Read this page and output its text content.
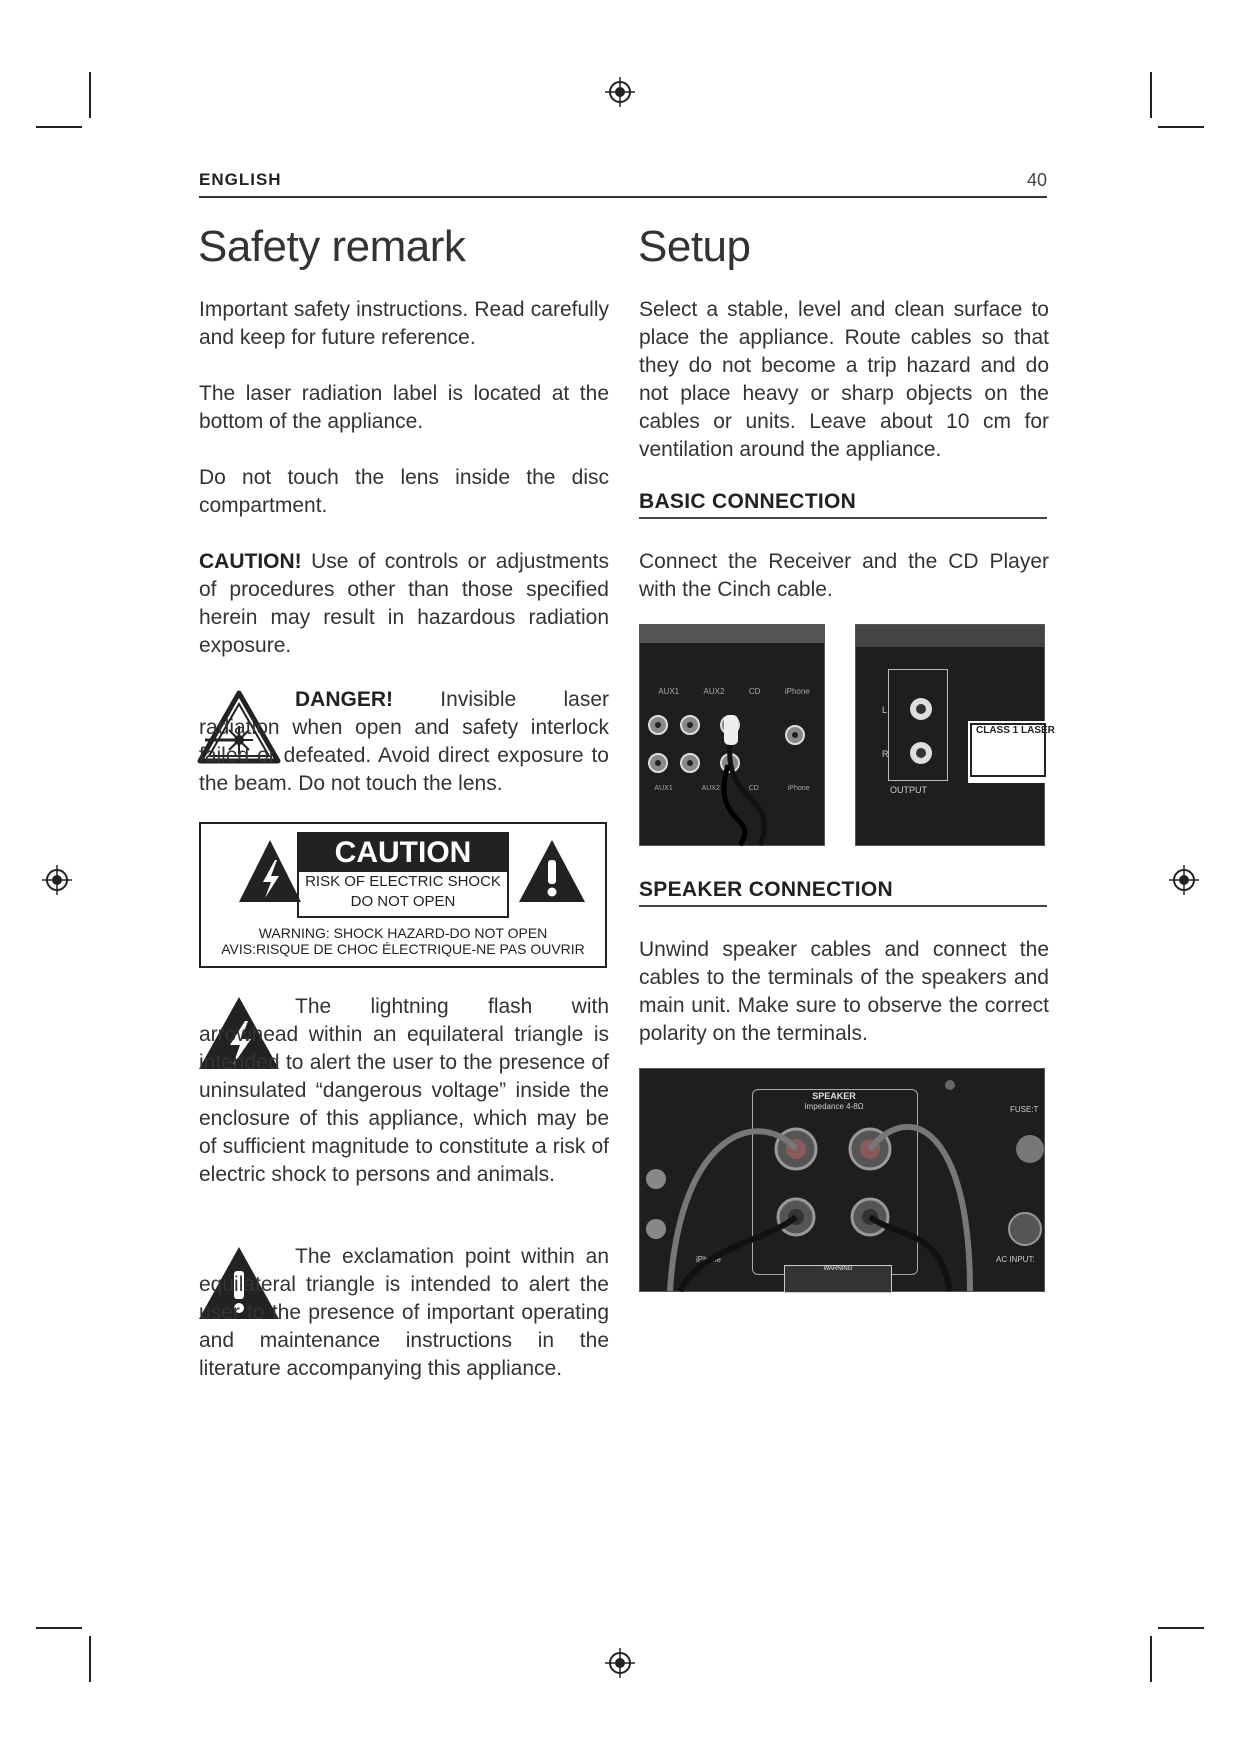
ENGLISH	40
Safety remark

Important safety instructions. Read carefully and keep for future reference.

The laser radiation label is located at the bottom of the appliance.

Do not touch the lens inside the disc compartment.

CAUTION! Use of controls or adjustments of procedures other than those specified herein may result in hazardous radiation exposure.

DANGER! Invisible laser radiation when open and safety interlock failed or defeated. Avoid direct exposure to the beam. Do not touch the lens.

CAUTION
RISK OF ELECTRIC SHOCK
DO NOT OPEN
WARNING: SHOCK HAZARD-DO NOT OPEN
AVIS:RISQUE DE CHOC ÉLECTRIQUE-NE PAS OUVRIR

The lightning flash with arrowhead within an equilateral triangle is intended to alert the user to the presence of uninsulated “dangerous voltage” inside the enclosure of this appliance, which may be of sufficient magnitude to constitute a risk of electric shock to persons and animals.

The exclamation point within an equilateral triangle is intended to alert the user to the presence of important operating and maintenance instructions in the literature accompanying this appliance.

Setup

Select a stable, level and clean surface to place the appliance. Route cables so that they do not become a trip hazard and do not place heavy or sharp objects on the cables or units. Leave about 10 cm for ventilation around the appliance.

BASIC CONNECTION

Connect the Receiver and the CD Player with the Cinch cable.

AUX1	AUX2	CD	iPhone
AUX1	AUX2	CD	iPhone	OUTPUT
L
R
CLASS 1 LASER
SPEAKER CONNECTION

Unwind speaker cables and connect the cables to the terminals of the speakers and main unit. Make sure to observe the correct polarity on the terminals.

SPEAKER
Impedance 4-8Ω	FUSE:T
AC INPUT:
iPhone
WARNING
